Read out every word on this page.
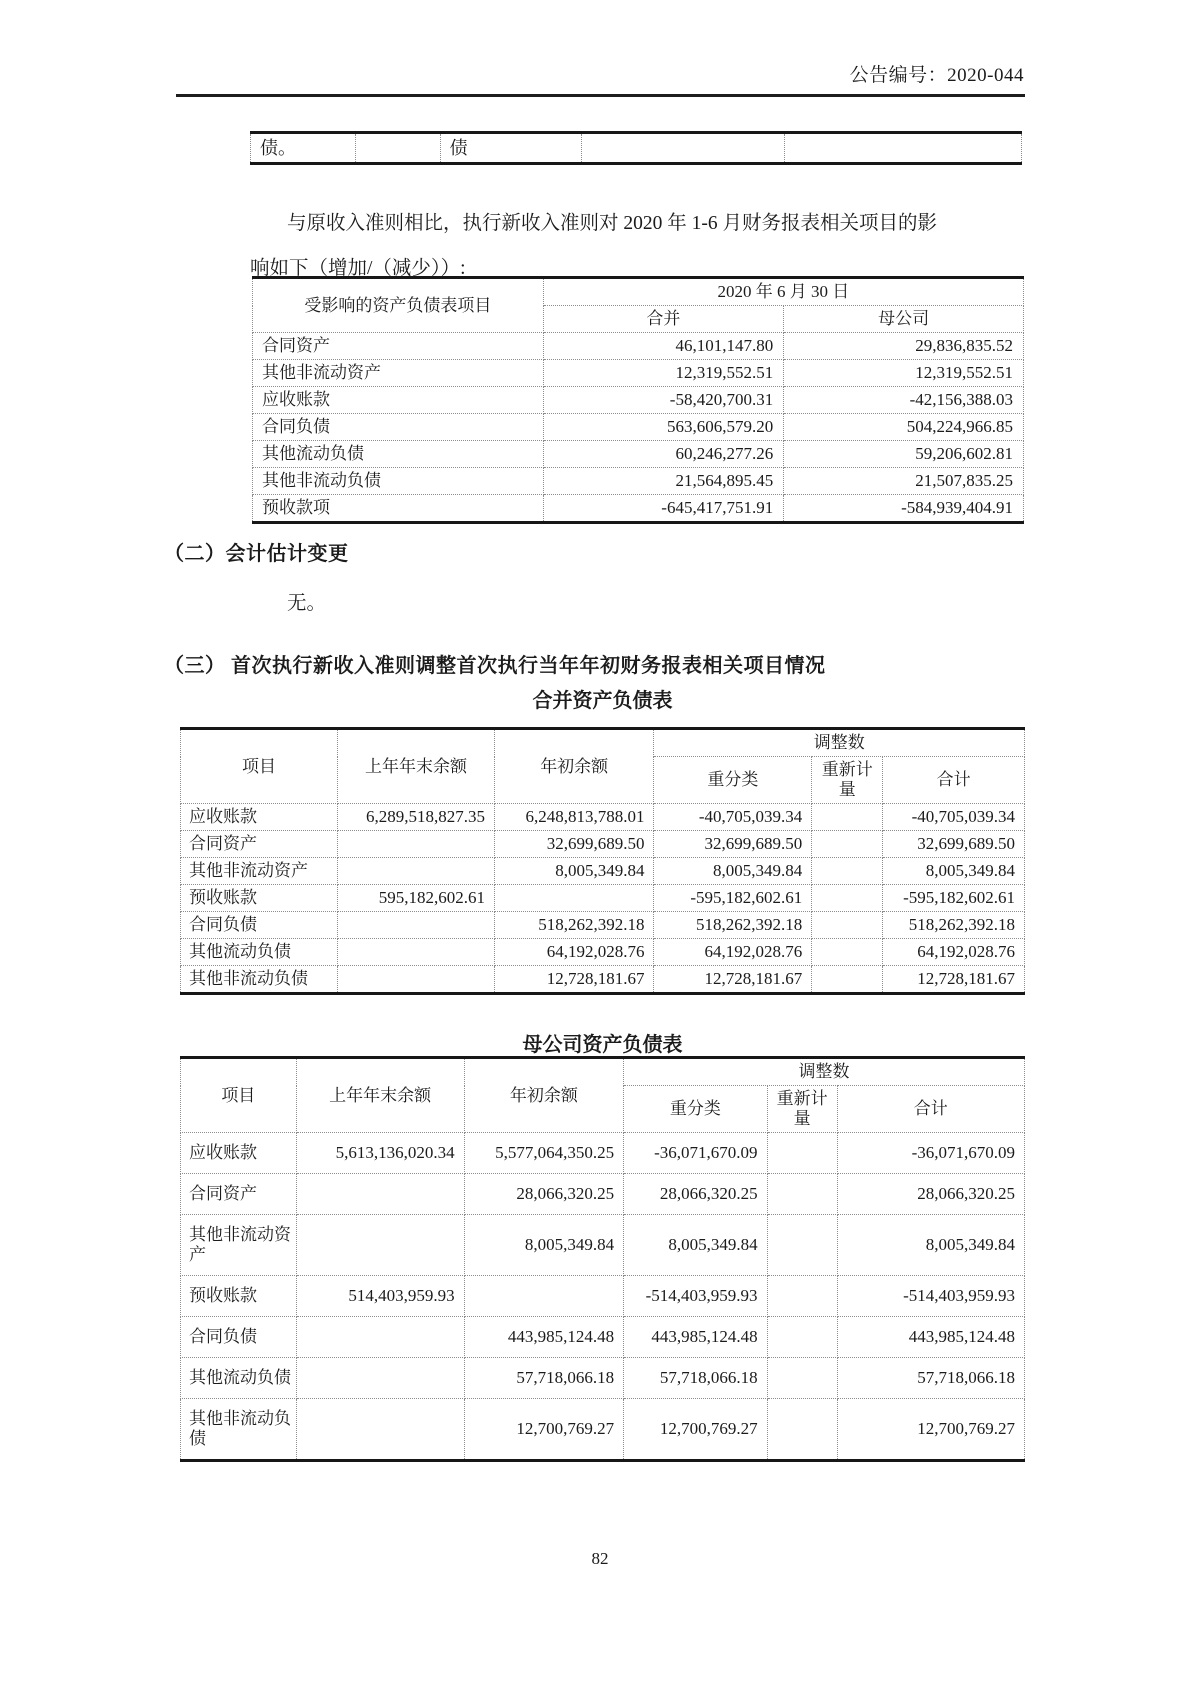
公告编号：2020-044
债。		债		
与原收入准则相比，执行新收入准则对 2020 年 1-6 月财务报表相关项目的影
响如下（增加/（减少））:
受影响的资产负债表项目	2020 年 6 月 30 日	
	合并	母公司
合同资产	46,101,147.80	29,836,835.52
其他非流动资产	12,319,552.51	12,319,552.51
应收账款	-58,420,700.31	-42,156,388.03
合同负债	563,606,579.20	504,224,966.85
其他流动负债	60,246,277.26	59,206,602.81
其他非流动负债	21,564,895.45	21,507,835.25
预收款项	-645,417,751.91	-584,939,404.91
（二）会计估计变更
无。
（三） 首次执行新收入准则调整首次执行当年年初财务报表相关项目情况
合并资产负债表
项目	上年年末余额	年初余额	调整数		
			重分类	重新计量	合计
应收账款	6,289,518,827.35	6,248,813,788.01	-40,705,039.34		-40,705,039.34
合同资产		32,699,689.50	32,699,689.50		32,699,689.50
其他非流动资产		8,005,349.84	8,005,349.84		8,005,349.84
预收账款	595,182,602.61		-595,182,602.61		-595,182,602.61
合同负债		518,262,392.18	518,262,392.18		518,262,392.18
其他流动负债		64,192,028.76	64,192,028.76		64,192,028.76
其他非流动负债		12,728,181.67	12,728,181.67		12,728,181.67
母公司资产负债表
项目	上年年末余额	年初余额	调整数		
			重分类	重新计量	合计
应收账款	5,613,136,020.34	5,577,064,350.25	-36,071,670.09		-36,071,670.09
合同资产		28,066,320.25	28,066,320.25		28,066,320.25
其他非流动资产		8,005,349.84	8,005,349.84		8,005,349.84
预收账款	514,403,959.93		-514,403,959.93		-514,403,959.93
合同负债		443,985,124.48	443,985,124.48		443,985,124.48
其他流动负债		57,718,066.18	57,718,066.18		57,718,066.18
其他非流动负债		12,700,769.27	12,700,769.27		12,700,769.27
82
